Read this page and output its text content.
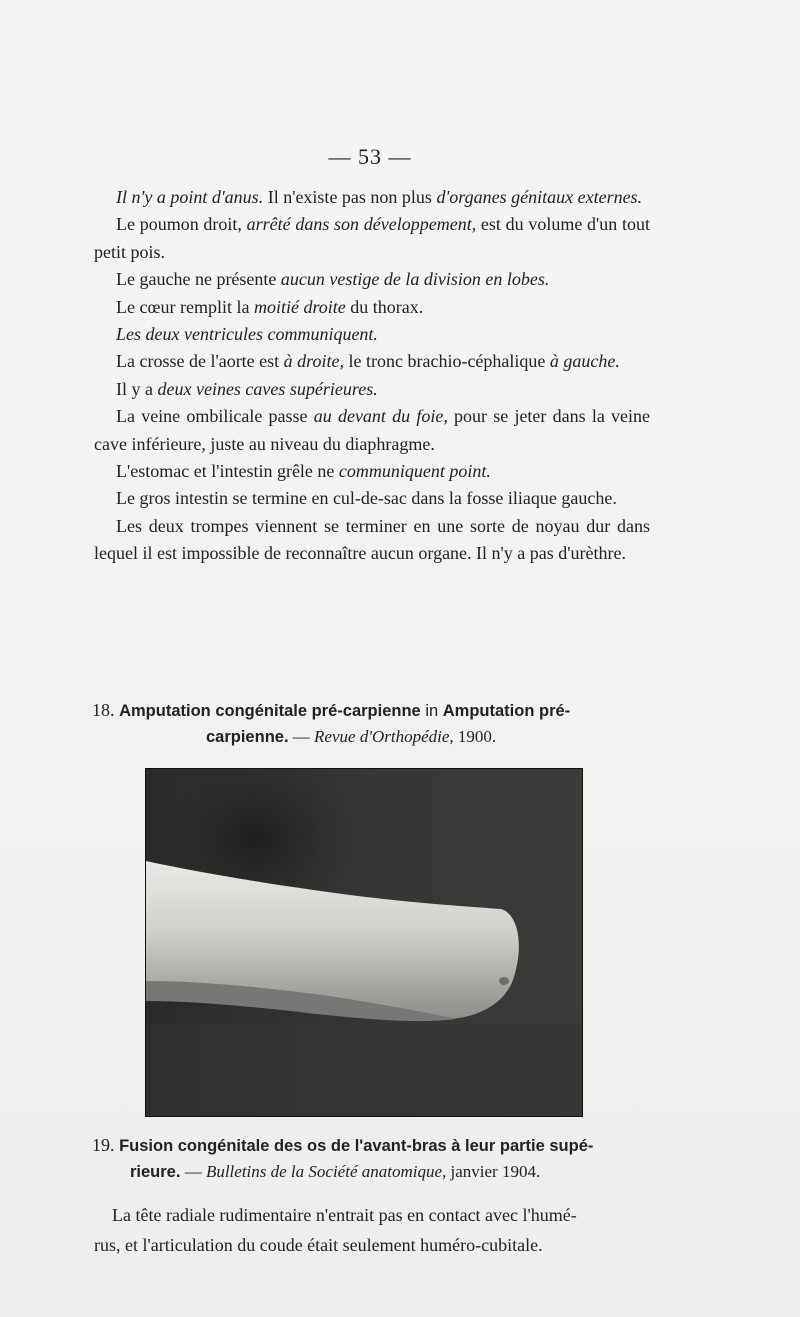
— 53 —

Il n'y a point d'anus. Il n'existe pas non plus d'organes génitaux externes.

Le poumon droit, arrêté dans son développement, est du volume d'un tout petit pois.

Le gauche ne présente aucun vestige de la division en lobes.

Le cœur remplit la moitié droite du thorax.

Les deux ventricules communiquent.

La crosse de l'aorte est à droite, le tronc brachio-céphalique à gauche.

Il y a deux veines caves supérieures.

La veine ombilicale passe au devant du foie, pour se jeter dans la veine cave inférieure, juste au niveau du diaphragme.

L'estomac et l'intestin grêle ne communiquent point.

Le gros intestin se termine en cul-de-sac dans la fosse iliaque gauche.

Les deux trompes viennent se terminer en une sorte de noyau dur dans lequel il est impossible de reconnaître aucun organe. Il n'y a pas d'urèthre.

18. Amputation congénitale pré-carpienne in Amputation pré-
carpienne. — Revue d'Orthopédie, 1900.
19. Fusion congénitale des os de l'avant-bras à leur partie supé-
rieure. — Bulletins de la Société anatomique, janvier 1904.
La tête radiale rudimentaire n'entrait pas en contact avec l'humé-
rus, et l'articulation du coude était seulement huméro-cubitale.
